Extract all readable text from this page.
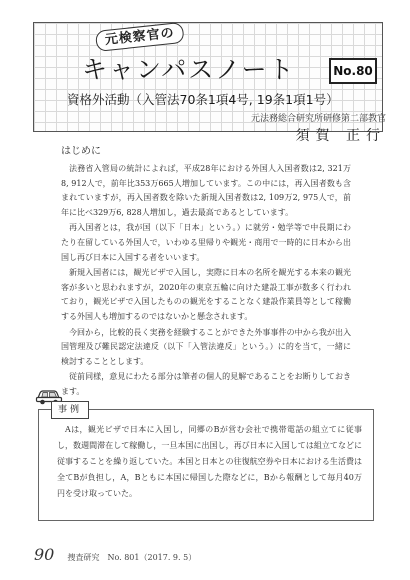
元検察官の
キャンパスノート	No.80
資格外活動（入管法70条1項4号, 19条1項1号）
元法務総合研究所研修第二部教官
須賀 正行
はじめに

法務省入管局の統計によれば，平成28年における外国人入国者数は2, 321万8, 912人で，前年比353万665人増加しています。この中には，再入国者数も含まれていますが，再入国者数を除いた新規入国者数は2, 109万2, 975人で，前年に比べ329万6, 828人増加し，過去最高であるとしています。

再入国者とは，我が国（以下「日本」という。）に就労・勉学等で中長期にわたり在留している外国人で，いわゆる里帰りや観光・商用で一時的に日本から出国し再び日本に入国する者をいいます。

新規入国者には，観光ビザで入国し，実際に日本の名所を観光する本来の観光客が多いと思われますが，2020年の東京五輪に向けた建設工事が数多く行われており，観光ビザで入国したものの観光をすることなく建設作業員等として稼働する外国人も増加するのではないかと懸念されます。

今回から，比較的長く実務を経験することができた外事事件の中から我が出入国管理及び難民認定法違反（以下「入管法違反」という。）に的を当て，一緒に検討することとします。

従前同様，意見にわたる部分は筆者の個人的見解であることをお断りしておきます。

事例

Aは，観光ビザで日本に入国し，同郷のBが営む会社で携帯電話の組立てに従事し，数週間滞在して稼働し，一旦本国に出国し，再び日本に入国しては組立てなどに従事することを繰り返していた。本国と日本との往復航空券や日本における生活費は全てBが負担し，A，Bともに本国に帰国した際などに，Bから報酬として毎月40万円を受け取っていた。

90 捜査研究　No. 801（2017. 9. 5）
